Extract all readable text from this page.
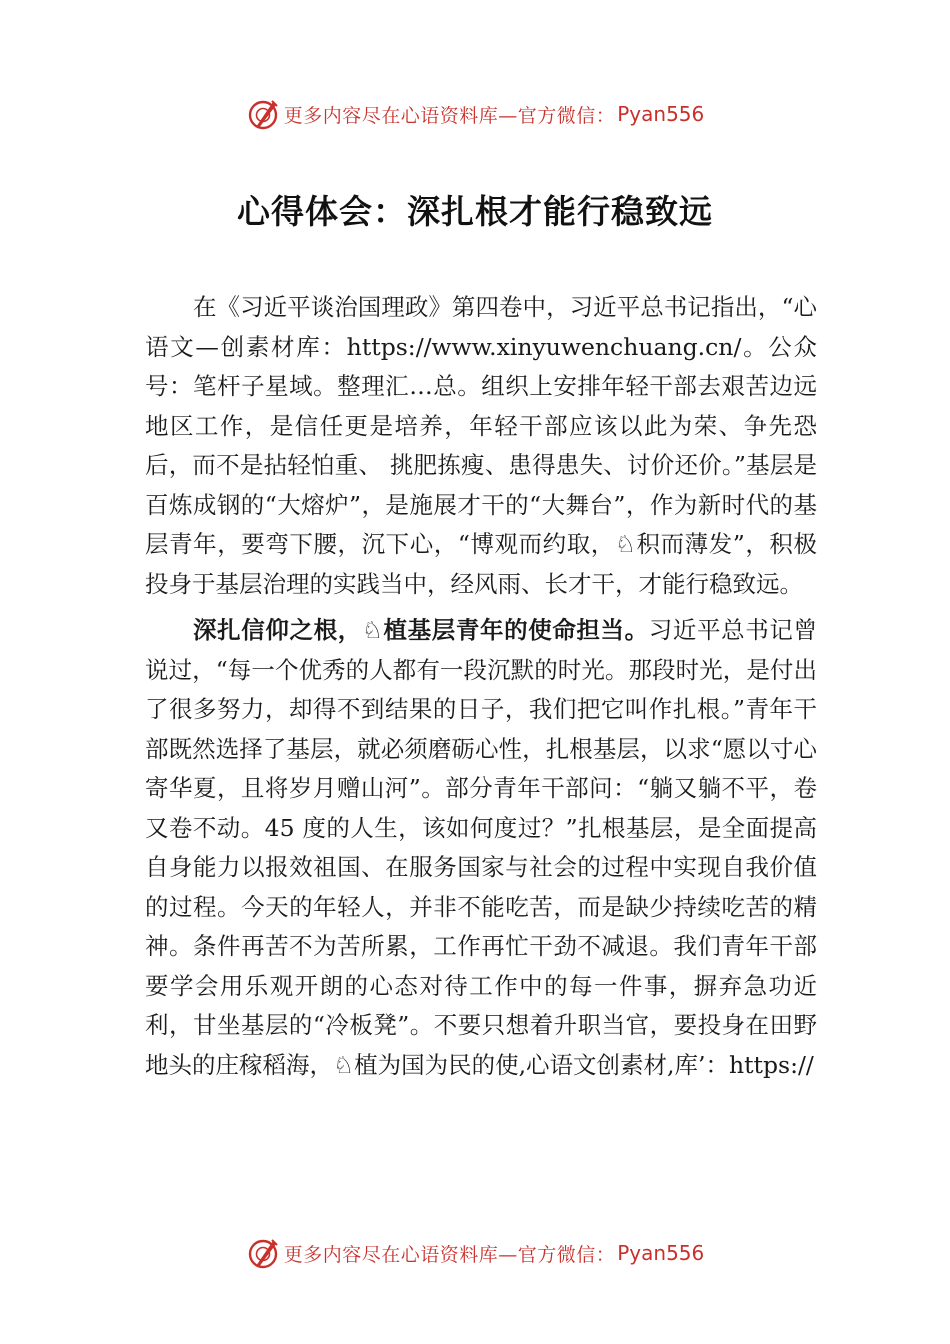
更多内容尽在心语资料库—官方微信： Pyan556
心得体会：深扎根才能行稳致远

在《习近平谈治国理政》第四卷中，习近平总书记指出，“心语文—创素材库：https://www.xinyuwenchuang.cn/。公众号：笔杆子星域。整理汇…总。组织上安排年轻干部去艰苦边远地区工作，是信任更是培养，年轻干部应该以此为荣、争先恐后，而不是拈轻怕重、 挑肥拣瘦、患得患失、讨价还价。”基层是百炼成钢的“大熔炉”，是施展才干的“大舞台”，作为新时代的基层青年，要弯下腰，沉下心，“博观而约取，♘积而薄发”，积极投身于基层治理的实践当中，经风雨、长才干，才能行稳致远。

深扎信仰之根，♘植基层青年的使命担当。习近平总书记曾说过，“每一个优秀的人都有一段沉默的时光。那段时光，是付出了很多努力，却得不到结果的日子，我们把它叫作扎根。”青年干部既然选择了基层，就必须磨砺心性，扎根基层，以求“愿以寸心寄华夏，且将岁月赠山河”。部分青年干部问：“躺又躺不平，卷又卷不动。45 度的人生，该如何度过？”扎根基层，是全面提高自身能力以报效祖国、在服务国家与社会的过程中实现自我价值的过程。今天的年轻人，并非不能吃苦，而是缺少持续吃苦的精神。条件再苦不为苦所累，工作再忙干劲不减退。我们青年干部要学会用乐观开朗的心态对待工作中的每一件事，摒弃急功近利，甘坐基层的“冷板凳”。不要只想着升职当官，要投身在田野地头的庄稼稻海，♘植为国为民的使,心语文创素材,库’：https://

更多内容尽在心语资料库—官方微信： Pyan556
